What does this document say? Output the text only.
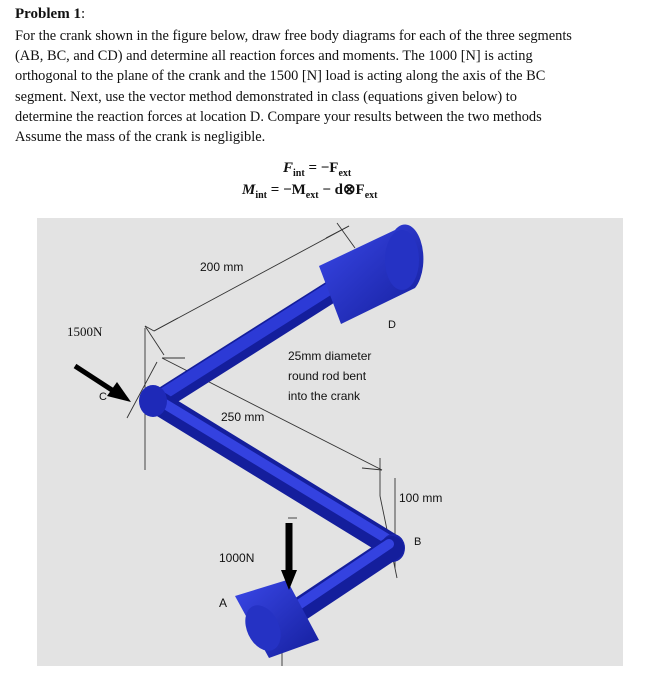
Problem 1:
For the crank shown in the figure below, draw free body diagrams for each of the three segments
(AB, BC, and CD) and determine all reaction forces and moments. The 1000 [N] is acting
orthogonal to the plane of the crank and the 1500 [N] load is acting along the axis of the BC
segment. Next, use the vector method demonstrated in class (equations given below) to
determine the reaction forces at location D. Compare your results between the two methods
Assume the mass of the crank is negligible.
$F_{int} = -F_{ext}$
$M_{int} = -M_{ext}$ − $d\otimes F_{ext}$
200 mm
250 mm
100 mm
1500N
1000N
A
B
C
D
25mm diameter
round rod bent
into the crank
